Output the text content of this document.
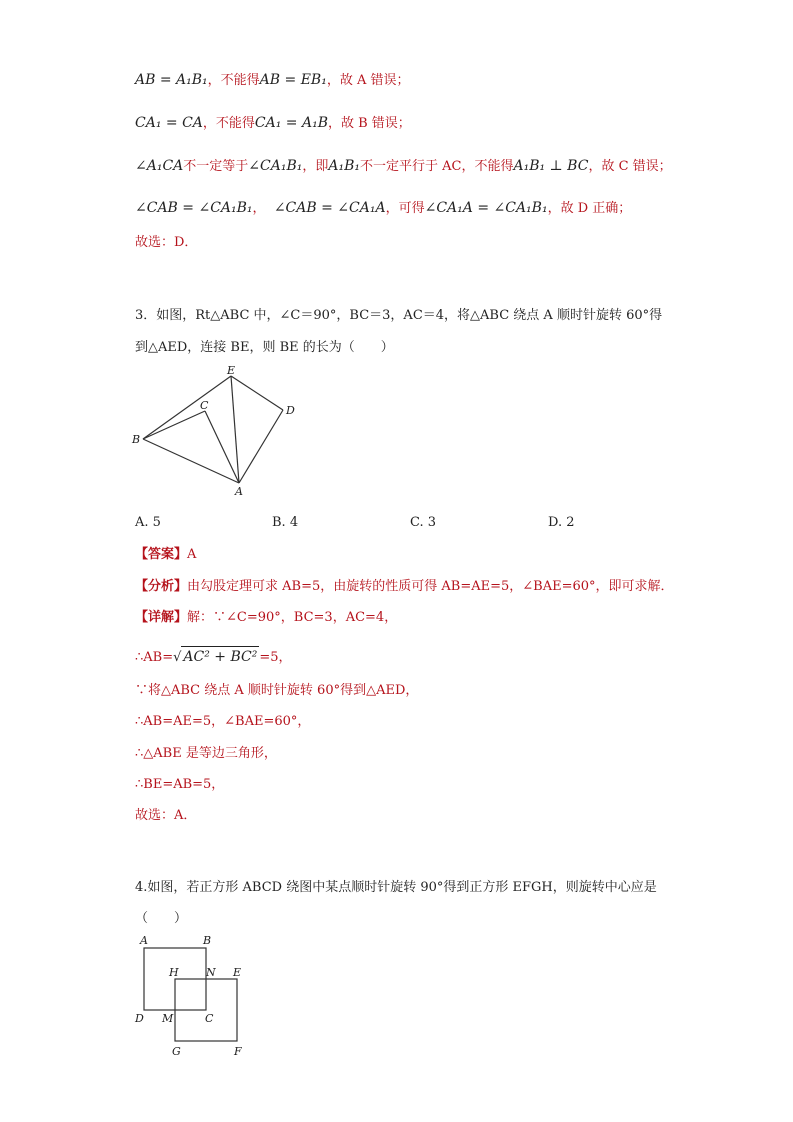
AB = A₁B₁，不能得AB = EB₁，故 A 错误；
CA₁ = CA，不能得CA₁ = A₁B，故 B 错误；
∠A₁CA不一定等于∠CA₁B₁，即A₁B₁不一定平行于 AC，不能得A₁B₁ ⊥ BC，故 C 错误；
∠CAB = ∠CA₁B₁， ∠CAB = ∠CA₁A，可得∠CA₁A = ∠CA₁B₁，故 D 正确；
故选：D．
3．如图，Rt△ABC 中，∠C＝90°，BC＝3，AC＝4，将△ABC 绕点 A 顺时针旋转 60°得
到△AED，连接 BE，则 BE 的长为（　　）
E
C	D
B
A
A. 5	B. 4	C. 3	D. 2
【答案】A
【分析】由勾股定理可求 AB=5，由旋转的性质可得 AB=AE=5，∠BAE=60°，即可求解．
【详解】解：∵∠C=90°，BC=3，AC=4，
∴AB=√ AC² + BC² =5，
∵将△ABC 绕点 A 顺时针旋转 60°得到△AED，
∴AB=AE=5，∠BAE=60°，
∴△ABE 是等边三角形，
∴BE=AB=5，
故选：A．
4.如图，若正方形 ABCD 绕图中某点顺时针旋转 90°得到正方形 EFGH，则旋转中心应是
（　　）
A	B
H N E
D M	C
G	F
